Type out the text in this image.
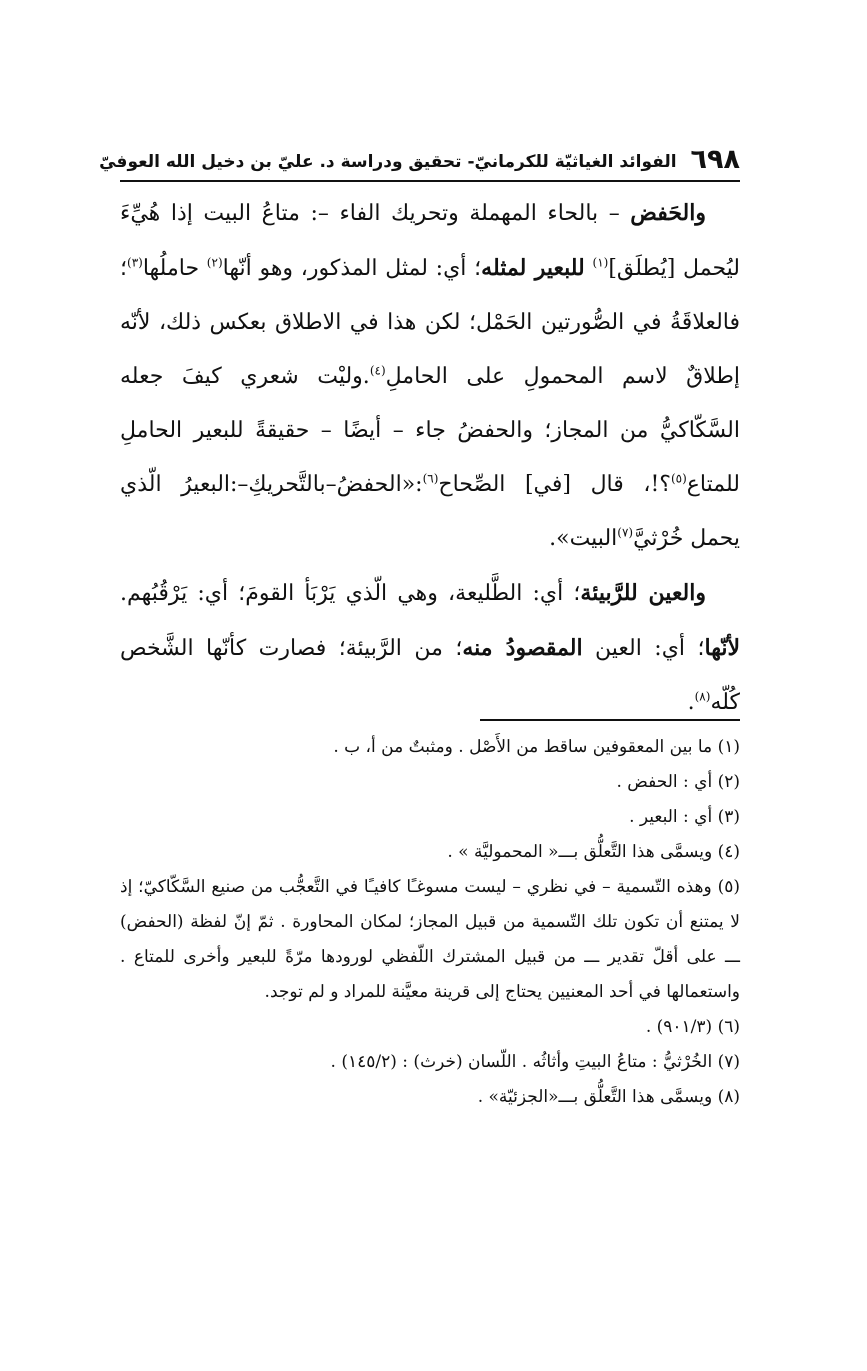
٦٩٨
الفوائد الغياثيّة للكرمانيّ- تحقيق ودراسة د. عليّ بن دخيل الله العوفيّ

والحَفض – بالحاء المهملة وتحريك الفاء –: متاعُ البيت إذا هُيِّءَ ليُحمل [يُطلَق]$^{(١)}$ للبعير لمثله؛ أي: لمثل المذكور، وهو أنّها$^{(٢)}$ حاملُها$^{(٣)}$؛ فالعلاقَةُ في الصُّورتين الحَمْل؛ لكن هذا في الاطلاق بعكس ذلك، لأنّه إطلاقٌ لاسم المحمولِ على الحاملِ$^{(٤)}$.وليْت شعري كيفَ جعله السَّكّاكيُّ من المجاز؛ والحفضُ جاء – أيضًا – حقيقةً للبعير الحاملِ للمتاع$^{(٥)}$؟!، قال [في] الصِّحاح$^{(٦)}$:«الحفضُ–بالتَّحريكِ–:البعيرُ الّذي يحمل خُرْثيَّ$^{(٧)}$البيت».

والعين للرَّبيئة؛ أي: الطَّليعة، وهي الّذي يَرْبَأ القومَ؛ أي: يَرْقُبُهم. لأنّها؛ أي: العين المقصودُ منه؛ من الرَّبيئة؛ فصارت كأنّها الشَّخص كُلّه$^{(٨)}$.

(١) ما بين المعقوفين ساقط من الأَصْل . ومثبتٌ من أ، ب .

(٢) أي : الحفض .

(٣) أي : البعير .

(٤) ويسمَّى هذا التَّعلُّق بـــ« المحموليَّة » .

(٥) وهذه التّسمية – في نظري – ليست مسوغـًا كافيـًا في التَّعجُّب من صنيع السَّكّاكيّ؛ إذ لا يمتنع أن تكون تلك التّسمية من قبيل المجاز؛ لمكان المحاورة . ثمّ إنّ لفظة (الحفض) ـــ على أقلّ تقدير ـــ من قبيل المشترك اللّفظي لورودها مرّةً للبعير وأخرى للمتاع . واستعمالها في أحد المعنيين يحتاج إلى قرينة معيَّنة للمراد و لم توجد.

(٦) (٩٠١/٣) .

(٧) الخُرْثيُّ : متاعُ البيتِ وأثاثُه . اللّسان (خرث) : (١٤٥/٢) .

(٨) ويسمَّى هذا التَّعلُّق بـــ«الجزئيّة» .
